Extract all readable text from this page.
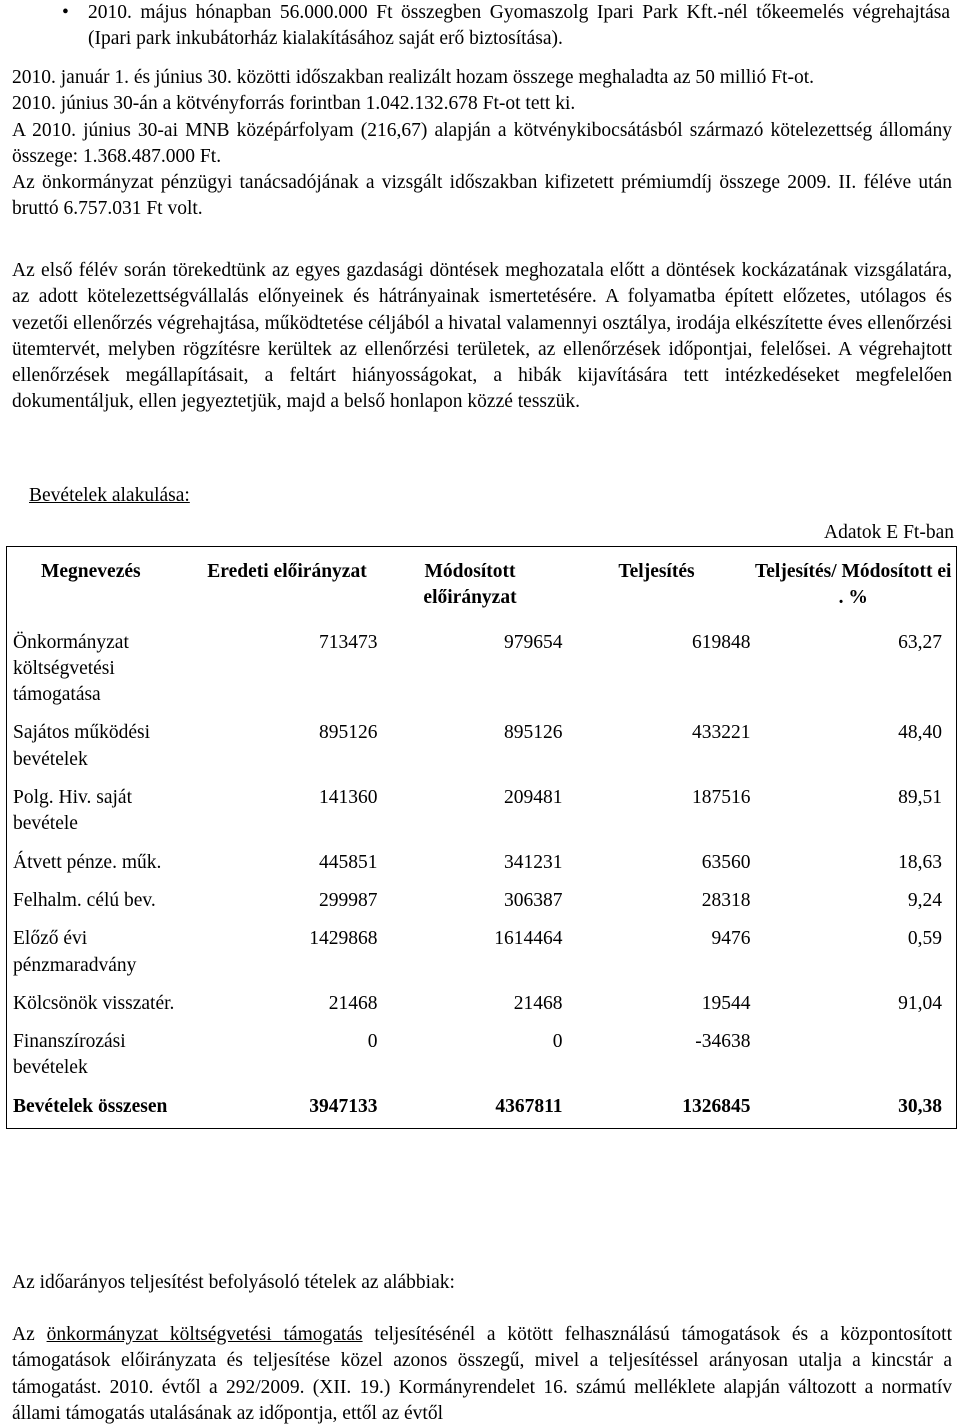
• 2010. május hónapban 56.000.000 Ft összegben Gyomaszolg Ipari Park Kft.-nél tőkeemelés végrehajtása (Ipari park inkubátorház kialakításához saját erő biztosítása).
2010. január 1. és június 30. közötti időszakban realizált hozam összege meghaladta az 50 millió Ft-ot.
2010. június 30-án a kötvényforrás forintban 1.042.132.678 Ft-ot tett ki.
A 2010. június 30-ai MNB középárfolyam (216,67) alapján a kötvénykibocsátásból származó kötelezettség állomány összege: 1.368.487.000 Ft.
Az önkormányzat pénzügyi tanácsadójának a vizsgált időszakban kifizetett prémiumdíj összege 2009. II. féléve után bruttó 6.757.031 Ft volt.
Az első félév során törekedtünk az egyes gazdasági döntések meghozatala előtt a döntések kockázatának vizsgálatára, az adott kötelezettségvállalás előnyeinek és hátrányainak ismertetésére. A folyamatba épített előzetes, utólagos és vezetői ellenőrzés végrehajtása, működtetése céljából a hivatal valamennyi osztálya, irodája elkészítette éves ellenőrzési ütemtervét, melyben rögzítésre kerültek az ellenőrzési területek, az ellenőrzések időpontjai, felelősei. A végrehajtott ellenőrzések megállapításait, a feltárt hiányosságokat, a hibák kijavítására tett intézkedéseket megfelelően dokumentáljuk, ellen jegyeztetjük, majd a belső honlapon közzé tesszük.
Bevételek alakulása:
Adatok E Ft-ban
Megnevezés	Eredeti előirányzat	Módosított előirányzat	Teljesítés	Teljesítés/ Módosított ei . %
Önkormányzat költségvetési támogatása	713473	979654	619848	63,27
Sajátos működési bevételek	895126	895126	433221	48,40
Polg. Hiv. saját bevétele	141360	209481	187516	89,51
Átvett pénze. műk.	445851	341231	63560	18,63
Felhalm. célú bev.	299987	306387	28318	9,24
Előző évi pénzmaradvány	1429868	1614464	9476	0,59
Kölcsönök visszatér.	21468	21468	19544	91,04
Finanszírozási bevételek	0	0	-34638	
Bevételek összesen	3947133	4367811	1326845	30,38
Az időarányos teljesítést befolyásoló tételek az alábbiak:
Az önkormányzat költségvetési támogatás teljesítésénél a kötött felhasználású támogatások és a központosított támogatások előirányzata és teljesítése közel azonos összegű, mivel a teljesítéssel arányosan utalja a kincstár a támogatást. 2010. évtől a 292/2009. (XII. 19.) Kormányrendelet 16. számú melléklete alapján változott a normatív állami támogatás utalásának az időpontja, ettől az évtől
